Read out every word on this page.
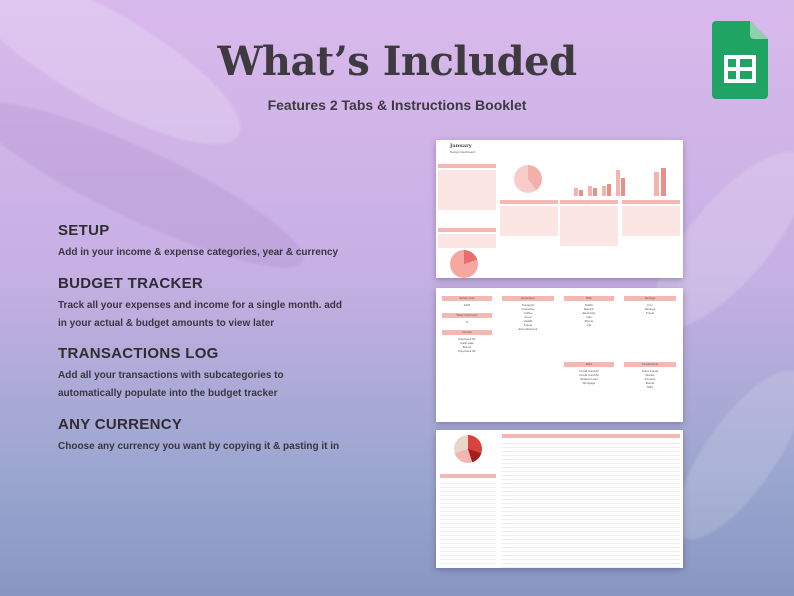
What’s Included
Features 2 Tabs & Instructions Booklet
SETUP

Add in your income & expense categories, year & currency

BUDGET TRACKER

Track all your expenses and income for a single month. add in your actual & budget amounts to view later

TRANSACTIONS LOG

Add all your transactions with subcategories to automatically populate into the budget tracker

ANY CURRENCY

Choose any currency you want by copying it & pasting it in

January
Budget Dashboard
Select Year
2024
Select Currency
$
Income
Paycheck #1
Cash sale
Bonus
Paycheck #2
Expenses
Transport
Groceries
Coffee
Food
Health
Travel
Entertainment
Bills
Netflix
Electric
Electricity
Gas
Phone
Car
Savings
Fun
Savings
Travel
Debt
Credit Card #1
Credit Card #2
Student Loan
Mortgage
Investments
Index Funds
Stocks
Pension
Bonds
SIPs
